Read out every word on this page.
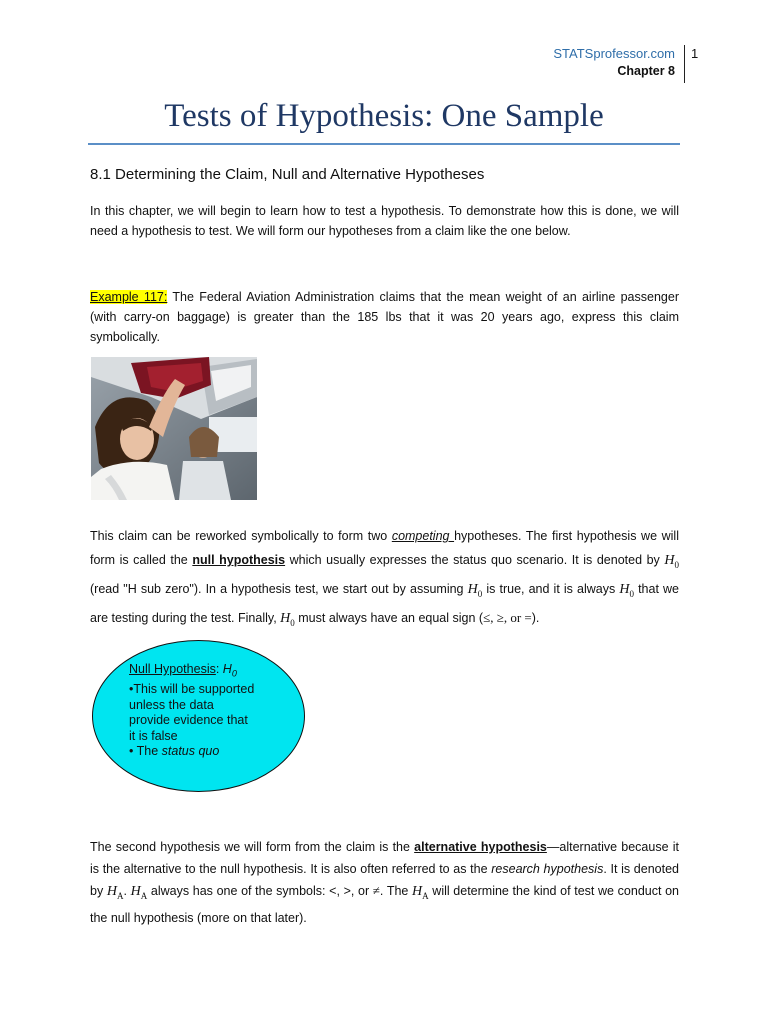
STATSprofessor.com
Chapter 8
1
Tests of Hypothesis: One Sample
8.1 Determining the Claim, Null and Alternative Hypotheses
In this chapter, we will begin to learn how to test a hypothesis. To demonstrate how this is done, we will need a hypothesis to test. We will form our hypotheses from a claim like the one below.
Example 117: The Federal Aviation Administration claims that the mean weight of an airline passenger (with carry-on baggage) is greater than the 185 lbs that it was 20 years ago, express this claim symbolically.
This claim can be reworked symbolically to form two competing hypotheses. The first hypothesis we will form is called the null hypothesis which usually expresses the status quo scenario. It is denoted by $H_0$ (read "H sub zero"). In a hypothesis test, we start out by assuming $H_0$ is true, and it is always $H_0$ that we are testing during the test. Finally, $H_0$ must always have an equal sign (≤, ≥, or =).
Null Hypothesis: $H_0$
•This will be supported
unless the data
provide evidence that
it is false
• The status quo
The second hypothesis we will form from the claim is the alternative hypothesis—alternative because it is the alternative to the null hypothesis. It is also often referred to as the research hypothesis. It is denoted by $H_A$. $H_A$ always has one of the symbols: <, >, or ≠. The $H_A$ will determine the kind of test we conduct on the null hypothesis (more on that later).
